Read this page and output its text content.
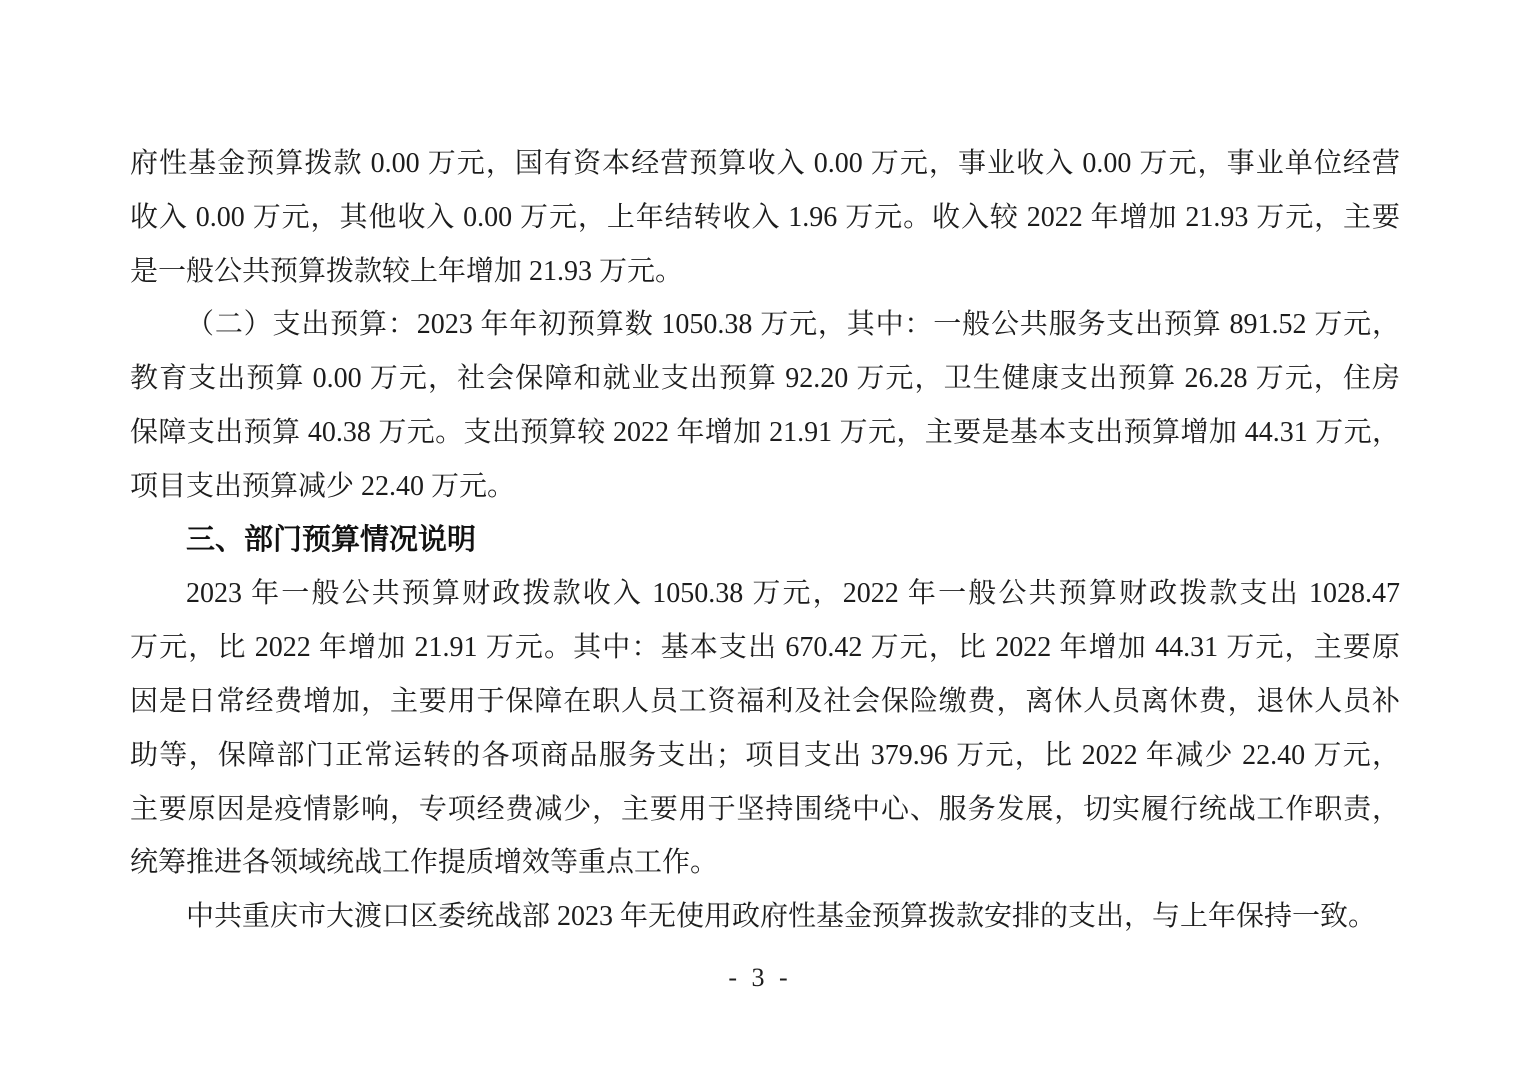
府性基金预算拨款 0.00 万元，国有资本经营预算收入 0.00 万元，事业收入 0.00 万元，事业单位经营
收入 0.00 万元，其他收入 0.00 万元，上年结转收入 1.96 万元。收入较 2022 年增加 21.93 万元，主要
是一般公共预算拨款较上年增加 21.93 万元。

（二）支出预算：2023 年年初预算数 1050.38 万元，其中：一般公共服务支出预算 891.52 万元，
教育支出预算 0.00 万元，社会保障和就业支出预算 92.20 万元，卫生健康支出预算 26.28 万元，住房
保障支出预算 40.38 万元。支出预算较 2022 年增加 21.91 万元，主要是基本支出预算增加 44.31 万元，
项目支出预算减少 22.40 万元。

三、部门预算情况说明

2023 年一般公共预算财政拨款收入 1050.38 万元，2022 年一般公共预算财政拨款支出 1028.47
万元，比 2022 年增加 21.91 万元。其中：基本支出 670.42 万元，比 2022 年增加 44.31 万元，主要原
因是日常经费增加，主要用于保障在职人员工资福利及社会保险缴费，离休人员离休费，退休人员补
助等，保障部门正常运转的各项商品服务支出；项目支出 379.96 万元，比 2022 年减少 22.40 万元，
主要原因是疫情影响，专项经费减少，主要用于坚持围绕中心、服务发展，切实履行统战工作职责，
统筹推进各领域统战工作提质增效等重点工作。

中共重庆市大渡口区委统战部 2023 年无使用政府性基金预算拨款安排的支出，与上年保持一致。

- 3 -
